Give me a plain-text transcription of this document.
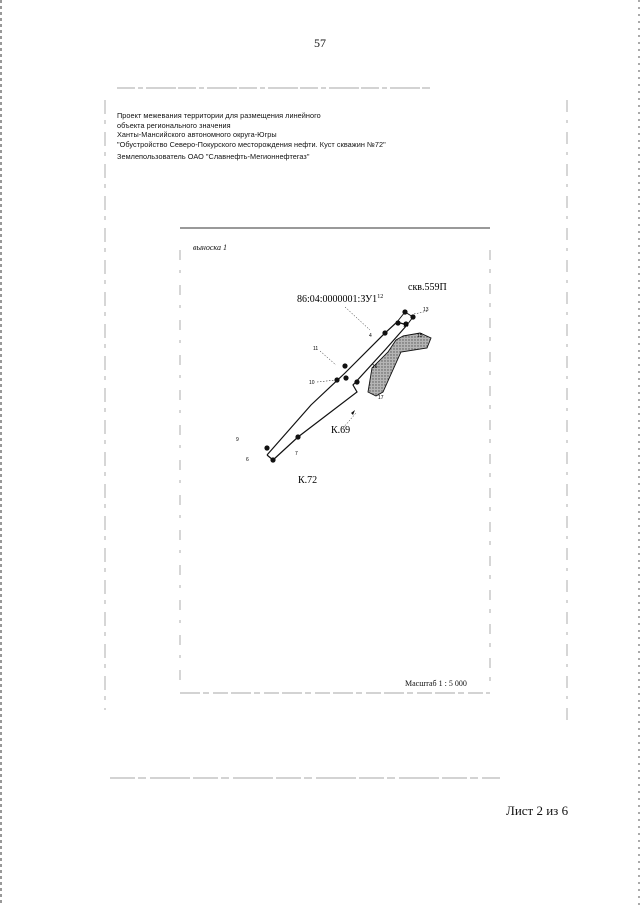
57
Проект межевания территории для размещения линейного
объекта регионального значения
Ханты-Мансийского автономного округа-Югры
"Обустройство Северо-Покурского месторождения нефти. Куст скважин №72"
Землепользователь ОАО "Славнефть-Мегионнефтегаз"
4
6
7
9
10
11
13
14
15
16
17
$86:04:0000001:ЗУ1^{12}$
скв.559П
К.69
К.72
выноска 1
Масштаб 1 : 5 000
Лист 2 из 6
